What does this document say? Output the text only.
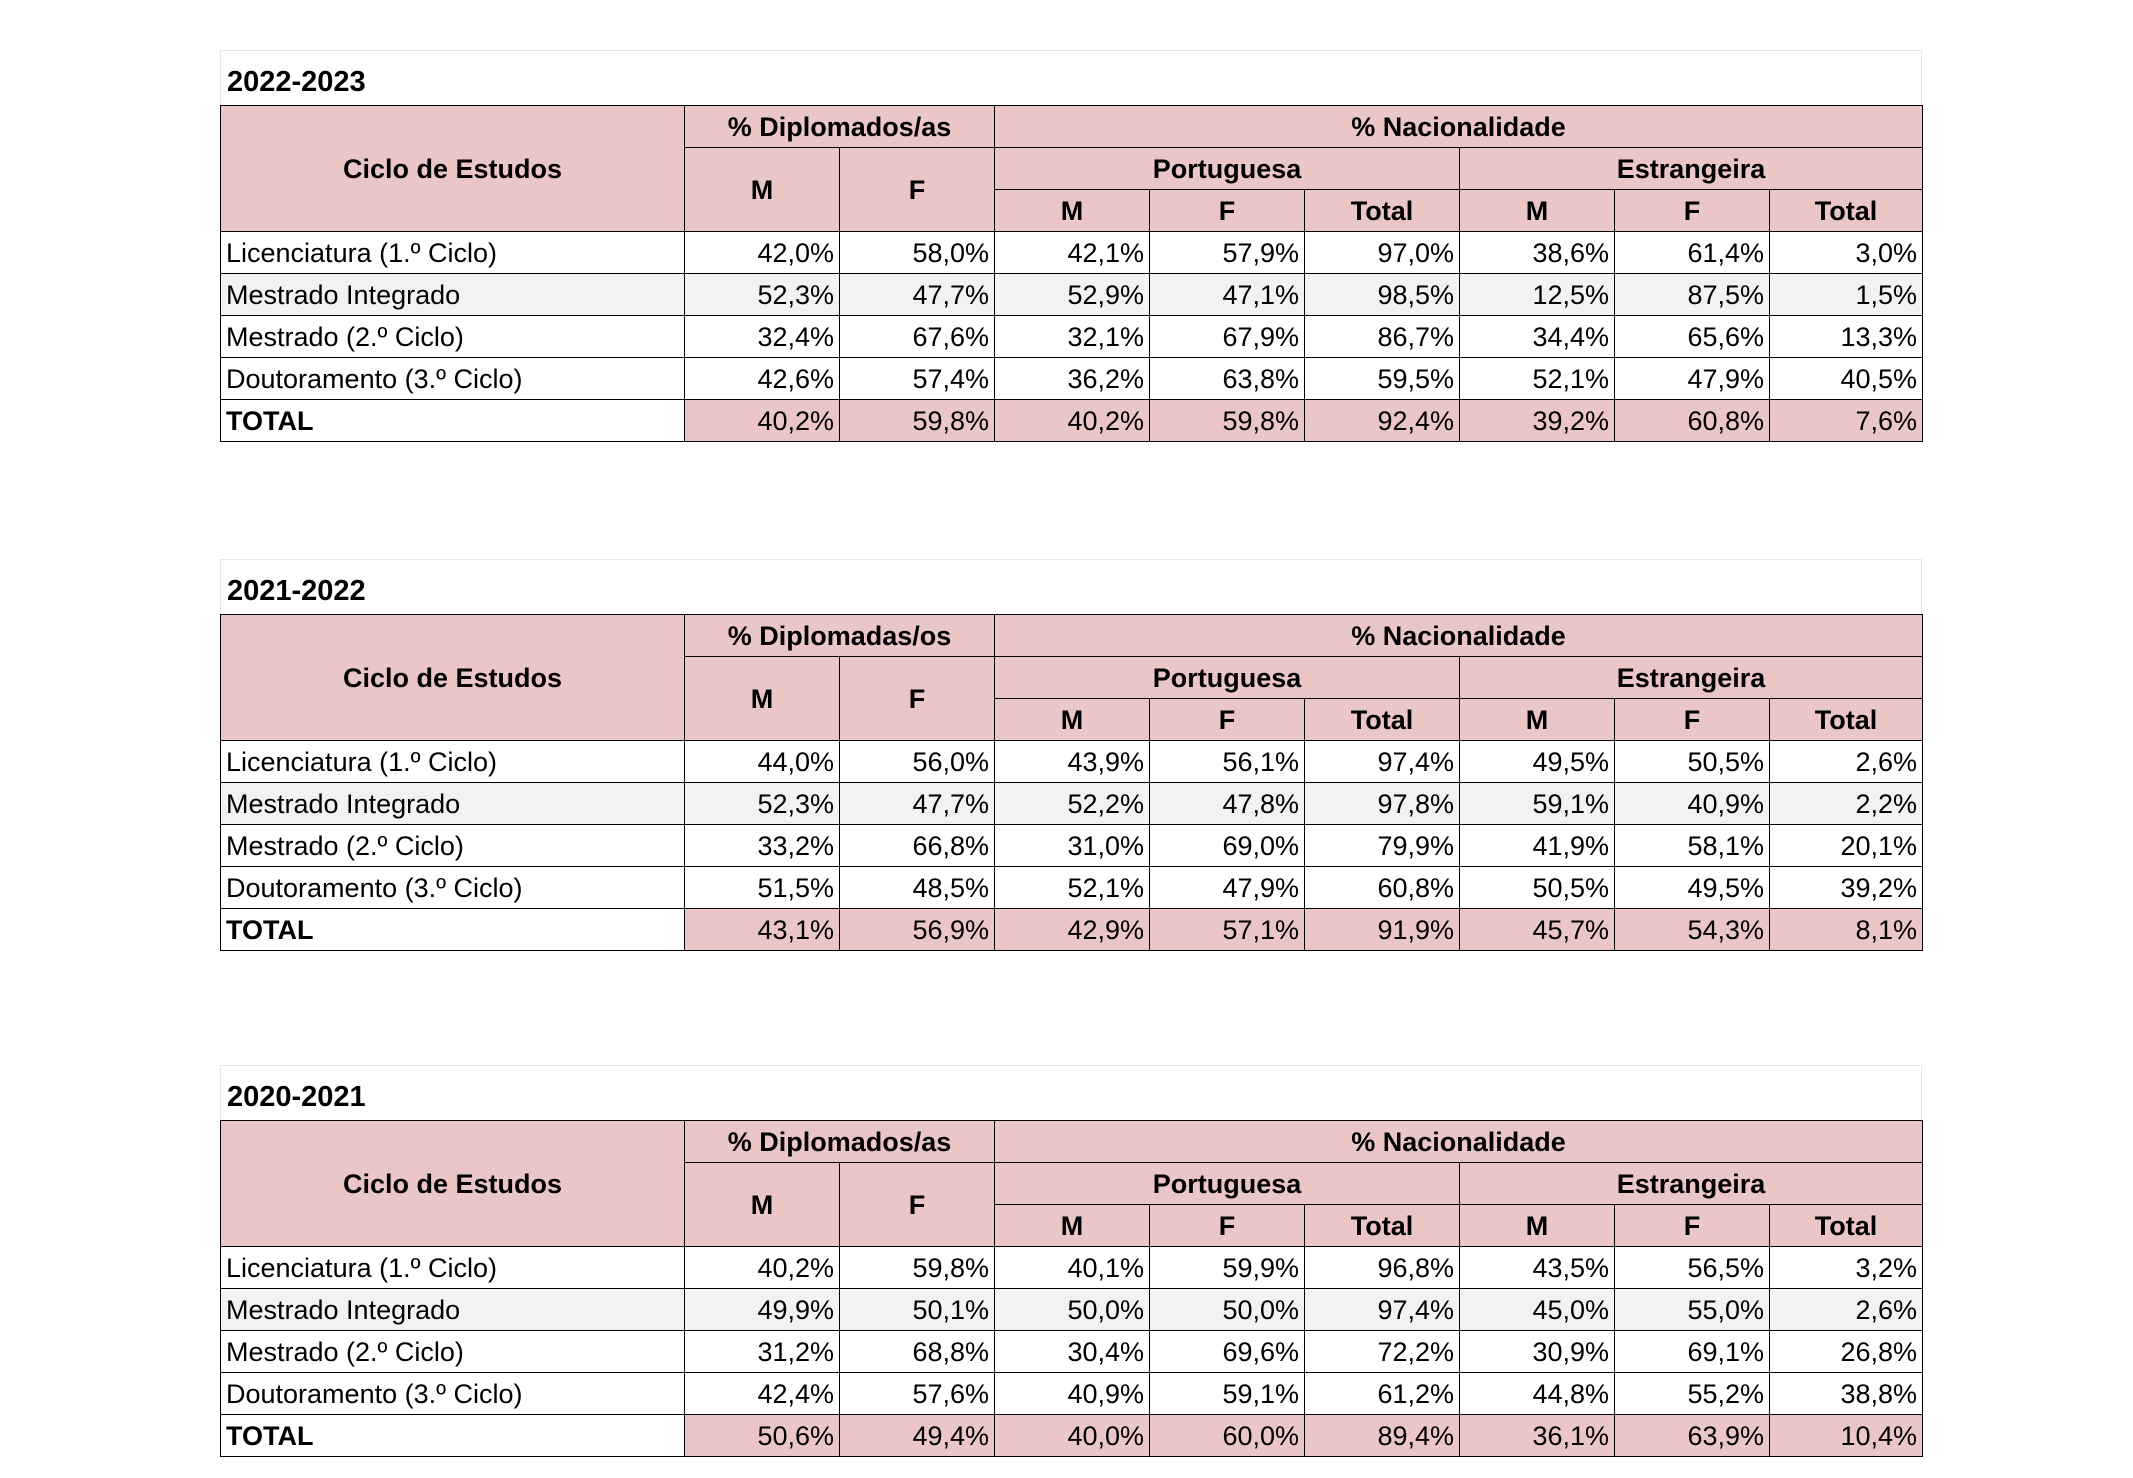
2022-2023
Ciclo de Estudos	% Diplomados/as		% Nacionalidade					
	M	F	Portuguesa			Estrangeira		
			M	F	Total	M	F	Total
Licenciatura (1.º Ciclo)	42,0%	58,0%	42,1%	57,9%	97,0%	38,6%	61,4%	3,0%
Mestrado Integrado	52,3%	47,7%	52,9%	47,1%	98,5%	12,5%	87,5%	1,5%
Mestrado (2.º Ciclo)	32,4%	67,6%	32,1%	67,9%	86,7%	34,4%	65,6%	13,3%
Doutoramento (3.º Ciclo)	42,6%	57,4%	36,2%	63,8%	59,5%	52,1%	47,9%	40,5%
TOTAL	40,2%	59,8%	40,2%	59,8%	92,4%	39,2%	60,8%	7,6%
2021-2022
Ciclo de Estudos	% Diplomadas/os		% Nacionalidade					
	M	F	Portuguesa			Estrangeira		
			M	F	Total	M	F	Total
Licenciatura (1.º Ciclo)	44,0%	56,0%	43,9%	56,1%	97,4%	49,5%	50,5%	2,6%
Mestrado Integrado	52,3%	47,7%	52,2%	47,8%	97,8%	59,1%	40,9%	2,2%
Mestrado (2.º Ciclo)	33,2%	66,8%	31,0%	69,0%	79,9%	41,9%	58,1%	20,1%
Doutoramento (3.º Ciclo)	51,5%	48,5%	52,1%	47,9%	60,8%	50,5%	49,5%	39,2%
TOTAL	43,1%	56,9%	42,9%	57,1%	91,9%	45,7%	54,3%	8,1%
2020-2021
Ciclo de Estudos	% Diplomados/as		% Nacionalidade					
	M	F	Portuguesa			Estrangeira		
			M	F	Total	M	F	Total
Licenciatura (1.º Ciclo)	40,2%	59,8%	40,1%	59,9%	96,8%	43,5%	56,5%	3,2%
Mestrado Integrado	49,9%	50,1%	50,0%	50,0%	97,4%	45,0%	55,0%	2,6%
Mestrado (2.º Ciclo)	31,2%	68,8%	30,4%	69,6%	72,2%	30,9%	69,1%	26,8%
Doutoramento (3.º Ciclo)	42,4%	57,6%	40,9%	59,1%	61,2%	44,8%	55,2%	38,8%
TOTAL	50,6%	49,4%	40,0%	60,0%	89,4%	36,1%	63,9%	10,4%
